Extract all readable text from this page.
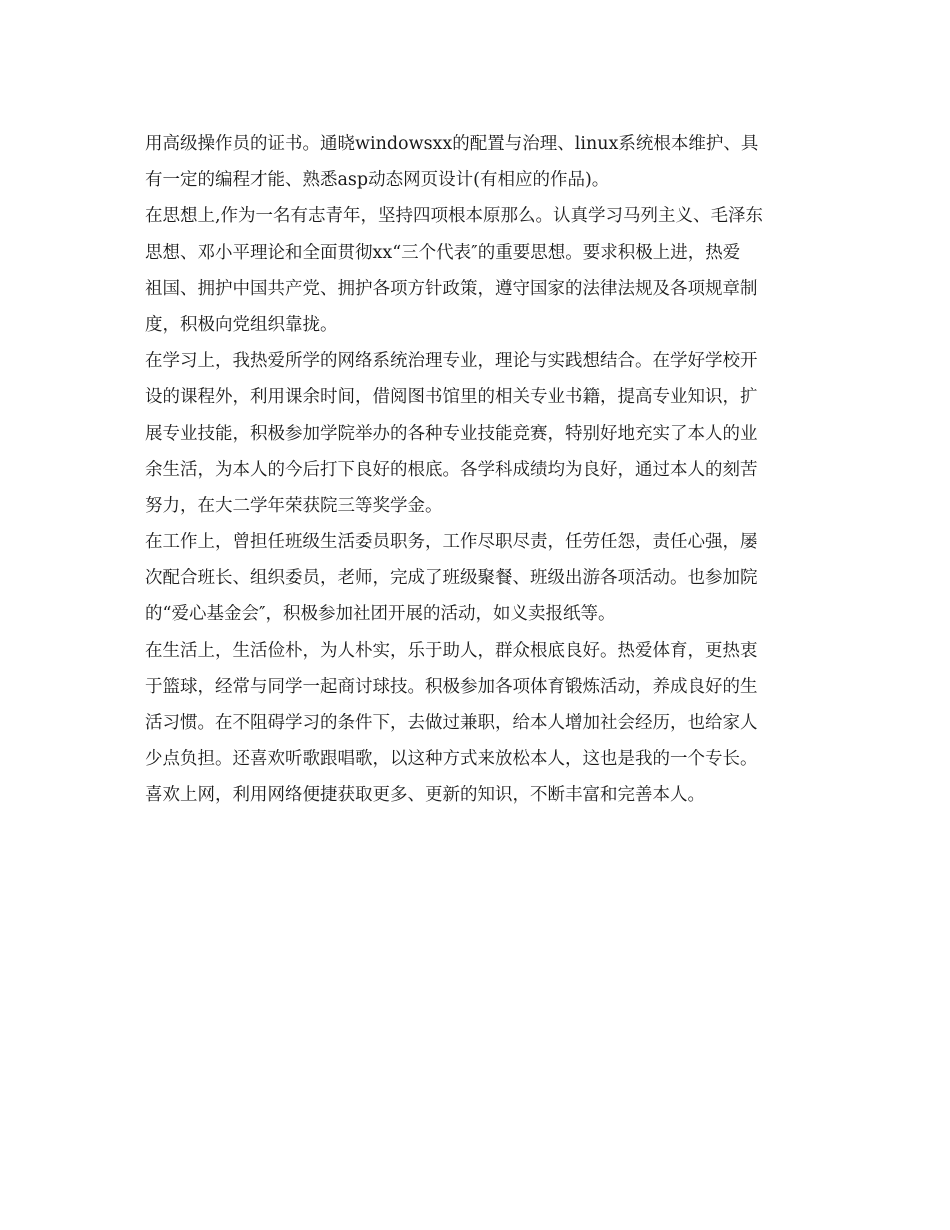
用高级操作员的证书。通晓windowsxx的配置与治理、linux系统根本维护、具
有一定的编程才能、熟悉asp动态网页设计(有相应的作品)。
在思想上,作为一名有志青年，坚持四项根本原那么。认真学习马列主义、毛泽东
思想、邓小平理论和全面贯彻xx“三个代表″的重要思想。要求积极上进，热爱
祖国、拥护中国共产党、拥护各项方针政策，遵守国家的法律法规及各项规章制
度，积极向党组织靠拢。
在学习上，我热爱所学的网络系统治理专业，理论与实践想结合。在学好学校开
设的课程外，利用课余时间，借阅图书馆里的相关专业书籍，提高专业知识，扩
展专业技能，积极参加学院举办的各种专业技能竞赛，特别好地充实了本人的业
余生活，为本人的今后打下良好的根底。各学科成绩均为良好，通过本人的刻苦
努力，在大二学年荣获院三等奖学金。
在工作上，曾担任班级生活委员职务，工作尽职尽责，任劳任怨，责任心强，屡
次配合班长、组织委员，老师，完成了班级聚餐、班级出游各项活动。也参加院
的“爱心基金会″，积极参加社团开展的活动，如义卖报纸等。
在生活上，生活俭朴，为人朴实，乐于助人，群众根底良好。热爱体育，更热衷
于篮球，经常与同学一起商讨球技。积极参加各项体育锻炼活动，养成良好的生
活习惯。在不阻碍学习的条件下，去做过兼职，给本人增加社会经历，也给家人
少点负担。还喜欢听歌跟唱歌，以这种方式来放松本人，这也是我的一个专长。
喜欢上网，利用网络便捷获取更多、更新的知识，不断丰富和完善本人。
